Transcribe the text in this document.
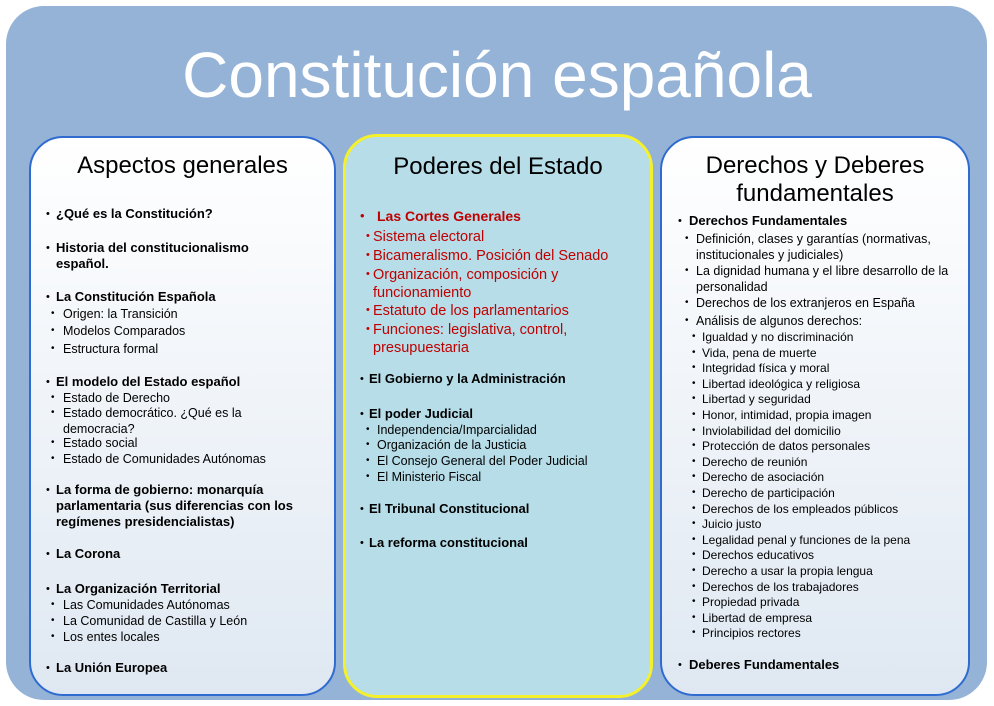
Constitución española
Aspectos generales	Poderes del Estado	Derechos y Deberes fundamentales
• ¿Qué es la Constitución?
• Historia del constitucionalismo español.
• La Constitución Española
• Origen: la Transición
• Modelos Comparados
• Estructura formal
• El modelo del Estado español
• Estado de Derecho
• Estado democrático. ¿Qué es la democracia?
• Estado social
• Estado de Comunidades Autónomas
• La forma de gobierno: monarquía parlamentaria (sus diferencias con los regímenes presidencialistas)
• La Corona
• La Organización Territorial
• Las Comunidades Autónomas
• La Comunidad de Castilla y León
• Los entes locales
• La Unión Europea
• Las Cortes Generales
• Sistema electoral
• Bicameralismo. Posición del Senado
• Organización, composición y funcionamiento
• Estatuto de los parlamentarios
• Funciones: legislativa, control, presupuestaria
• El Gobierno y la Administración
• El poder Judicial
• Independencia/Imparcialidad
• Organización de la Justicia
• El Consejo General del Poder Judicial
• El Ministerio Fiscal
• El Tribunal Constitucional
• La reforma constitucional
• Derechos Fundamentales
• Definición, clases y garantías (normativas, institucionales y judiciales)
• La dignidad humana y el libre desarrollo de la personalidad
• Derechos de los extranjeros en España
• Análisis de algunos derechos:
• Igualdad y no discriminación
• Vida, pena de muerte
• Integridad física y moral
• Libertad ideológica y religiosa
• Libertad y seguridad
• Honor, intimidad, propia imagen
• Inviolabilidad del domicilio
• Protección de datos personales
• Derecho de reunión
• Derecho de asociación
• Derecho de participación
• Derechos de los empleados públicos
• Juicio justo
• Legalidad penal y funciones de la pena
• Derechos educativos
• Derecho a usar la propia lengua
• Derechos de los trabajadores
• Propiedad privada
• Libertad de empresa
• Principios rectores
• Deberes Fundamentales
